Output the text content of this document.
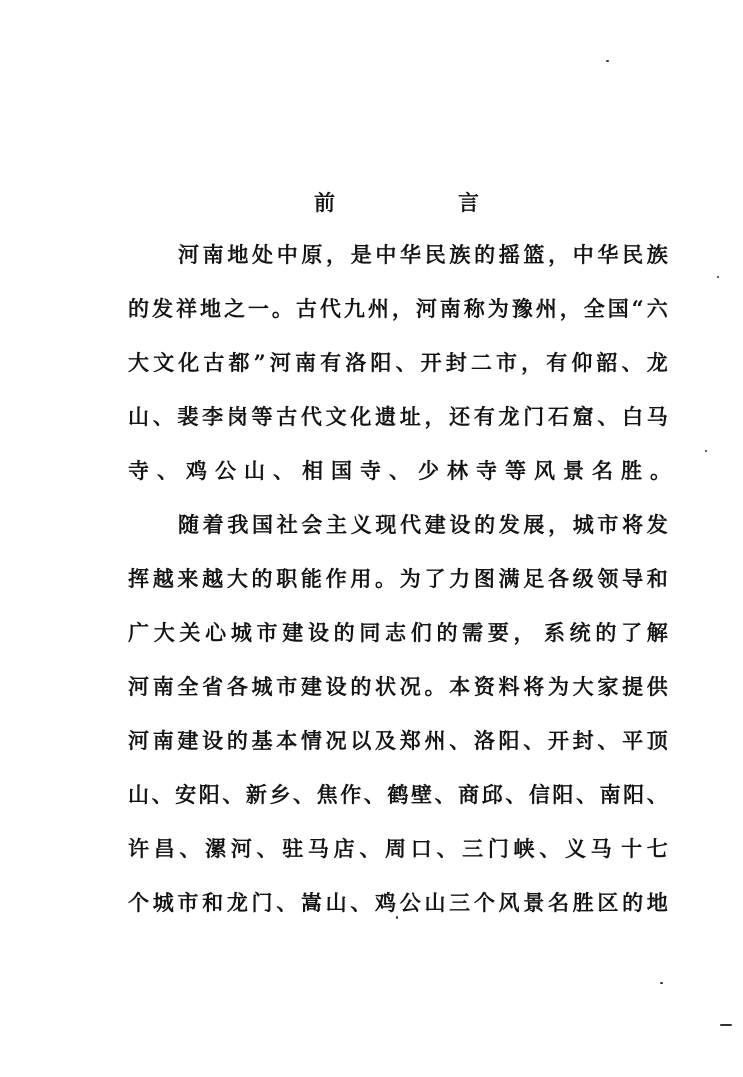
前	言
河 南 地 处 中 原 ， 是 中 华 民 族 的 摇 篮 ， 中 华 民 族
的 发 祥 地 之 一 。 古 代 九 州 ， 河 南 称 为 豫 州 ， 全 国 “ 六
大 文 化 古 都 ” 河 南 有 洛 阳 、 开 封 二 市 ， 有 仰 韶 、 龙
山 、 裴 李 岗 等 古 代 文 化 遗 址 ， 还 有 龙 门 石 窟 、 白 马
寺、鸡公山、相国寺、少林寺等风景名胜。
随 着 我 国 社 会 主 义 现 代 建 设 的 发 展 ， 城 市 将 发
挥 越 来 越 大 的 职 能 作 用 。 为 了 力 图 满 足 各 级 领 导 和
广 大 关 心 城 市 建 设 的 同 志 们 的 需 要 ， 系 统 的 了 解
河 南 全 省 各 城 市 建 设 的 状 况 。 本 资 料 将 为 大 家 提 供
河 南 建 设 的 基 本 情 况 以 及 郑 州 、 洛 阳 、 开 封 、 平 顶
山 、 安 阳 、 新 乡 、 焦 作 、 鹤 壁 、 商 邱 、 信 阳 、 南 阳 、
许 昌 、 漯 河 、 驻 马 店 、 周 口 、 三 门 峡 、 义 马 十 七
个 城 市 和 龙 门 、 嵩 山 、 鸡 公 山 三 个 风 景 名 胜 区 的 地
